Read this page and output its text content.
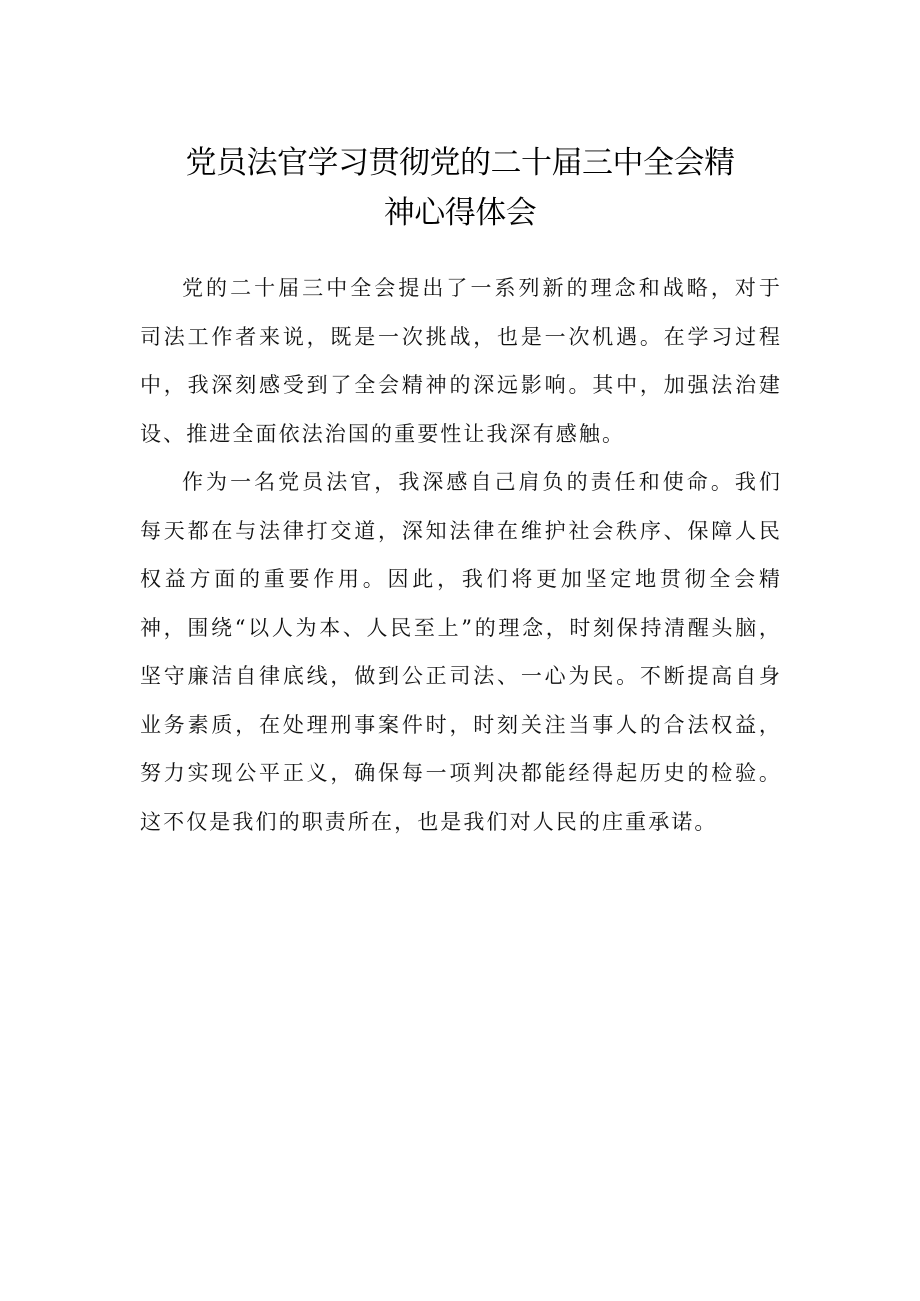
党员法官学习贯彻党的二十届三中全会精
神心得体会

党的二十届三中全会提出了一系列新的理念和战略，对于司法工作者来说，既是一次挑战，也是一次机遇。在学习过程中，我深刻感受到了全会精神的深远影响。其中，加强法治建设、推进全面依法治国的重要性让我深有感触。

作为一名党员法官，我深感自己肩负的责任和使命。我们每天都在与法律打交道，深知法律在维护社会秩序、保障人民权益方面的重要作用。因此，我们将更加坚定地贯彻全会精神，围绕“以人为本、人民至上”的理念，时刻保持清醒头脑，坚守廉洁自律底线，做到公正司法、一心为民。不断提高自身业务素质，在处理刑事案件时，时刻关注当事人的合法权益，努力实现公平正义，确保每一项判决都能经得起历史的检验。这不仅是我们的职责所在，也是我们对人民的庄重承诺。
